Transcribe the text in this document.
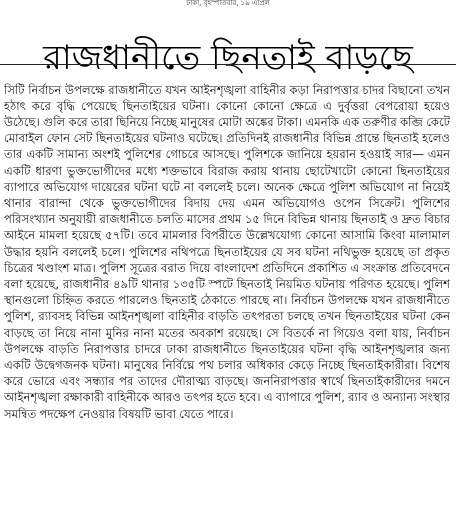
ঢাকা, বৃহস্পতিবার, ১৯ এপ্রিল
রাজধানীতে ছিনতাই বাড়ছে

সিটি নির্বাচন উপলক্ষে রাজধানীতে যখন আইনশৃঙ্খলা বাহিনীর কড়া নিরাপত্তার চাদর বিছানো তখন হঠাৎ করে বৃদ্ধি পেয়েছে ছিনতাইয়ের ঘটনা। কোনো কোনো ক্ষেত্রে এ দুর্বৃত্তরা বেপরোয়া হয়েও উঠেছে। গুলি করে তারা ছিনিয়ে নিচ্ছে মানুষের মোটা অঙ্কের টাকা। এমনকি এক তরুণীর কব্জি কেটে মোবাইল ফোন সেট ছিনতাইয়ের ঘটনাও ঘটেছে। প্রতিদিনই রাজধানীর বিভিন্ন প্রান্তে ছিনতাই হলেও তার একটি সামান্য অংশই পুলিশের গোচরে আসছে। পুলিশকে জানিয়ে হয়রান হওয়াই সার— এমন একটি ধারণা ভুক্তভোগীদের মধ্যে শক্তভাবে বিরাজ করায় থানায় ছোটেখাটো কোনো ছিনতাইয়ের ব্যাপারে অভিযোগ দায়েরের ঘটনা ঘটে না বললেই চলে। অনেক ক্ষেত্রে পুলিশ অভিযোগ না নিয়েই থানার বারান্দা থেকে ভুক্তভোগীদের বিদায় দেয় এমন অভিযোগও ওপেন সিক্রেট। পুলিশের পরিসংখ্যান অনুযায়ী রাজধানীতে চলতি মাসের প্রথম ১৫ দিনে বিভিন্ন থানায় ছিনতাই ও দ্রুত বিচার আইনে মামলা হয়েছে ৫৭টি। তবে মামলার বিপরীতে উল্লেখযোগ্য কোনো আসামি কিংবা মালামাল উদ্ধার হয়নি বললেই চলে। পুলিশের নথিপত্রে ছিনতাইয়ের যে সব ঘটনা নথিভুক্ত হয়েছে তা প্রকৃত চিত্রের খণ্ডাংশ মাত্র। পুলিশ সূত্রের বরাত দিয়ে বাংলাদেশ প্রতিদিনে প্রকাশিত এ সংক্রান্ত প্রতিবেদনে বলা হয়েছে, রাজধানীর ৪৯টি থানার ১৩৫টি স্পটে ছিনতাই নিয়মিত ঘটনায় পরিণত হয়েছে। পুলিশ স্থানগুলো চিহ্নিত করতে পারলেও ছিনতাই ঠেকাতে পারছে না। নির্বাচন উপলক্ষে যখন রাজধানীতে পুলিশ, র‌্যাবসহ বিভিন্ন আইনশৃঙ্খলা বাহিনীর বাড়তি তৎপরতা চলছে তখন ছিনতাইয়ের ঘটনা কেন বাড়ছে তা নিয়ে নানা মুনির নানা মতের অবকাশ রয়েছে। সে বিতর্কে না গিয়েও বলা যায়, নির্বাচন উপলক্ষে বাড়তি নিরাপত্তার চাদরে ঢাকা রাজধানীতে ছিনতাইয়ের ঘটনা বৃদ্ধি আইনশৃঙ্খলার জন্য একটি উদ্বেগজনক ঘটনা। মানুষের নির্বিঘ্নে পথ চলার অধিকার কেড়ে নিচ্ছে ছিনতাইকারীরা। বিশেষ করে ভোরে এবং সন্ধ্যার পর তাদের দৌরাত্ম্য বাড়ছে। জননিরাপত্তার স্বার্থে ছিনতাইকারীদের দমনে আইনশৃঙ্খলা রক্ষাকারী বাহিনীকে আরও তৎপর হতে হবে। এ ব্যাপারে পুলিশ, র‌্যাব ও অন্যান্য সংস্থার সমন্বিত পদক্ষেপ নেওয়ার বিষয়টি ভাবা যেতে পারে।
